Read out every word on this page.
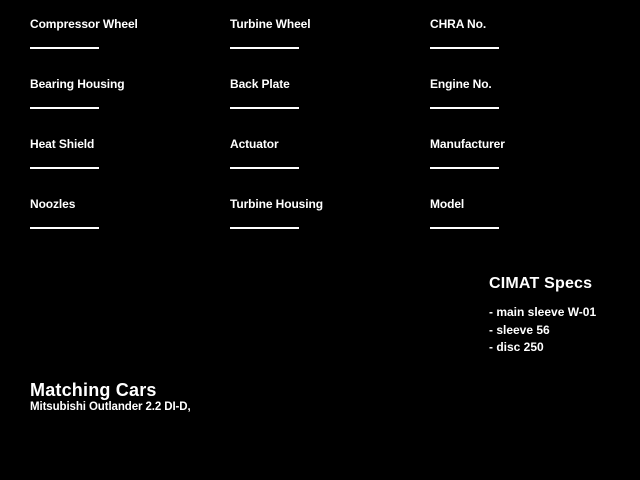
Compressor Wheel
Bearing Housing
Heat Shield
Noozles
Turbine Wheel
Back Plate
Actuator
Turbine Housing
CHRA No.
Engine No.
Manufacturer
Model
CIMAT Specs
- main sleeve W-01
- sleeve 56
- disc 250
Matching Cars
Mitsubishi Outlander 2.2 DI-D,
